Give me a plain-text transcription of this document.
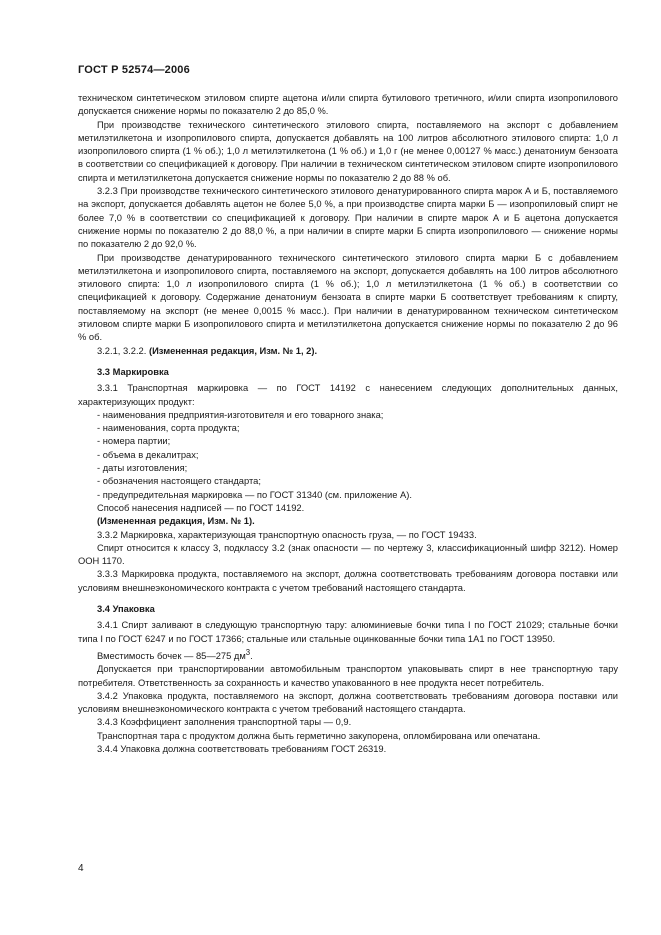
ГОСТ Р 52574—2006

техническом синтетическом этиловом спирте ацетона и/или спирта бутилового третичного, и/или спирта изопропилового допускается снижение нормы по показателю 2 до 85,0 %.

При производстве технического синтетического этилового спирта, поставляемого на экспорт с добавлением метилэтилкетона и изопропилового спирта, допускается добавлять на 100 литров абсолютного этилового спирта: 1,0 л изопропилового спирта (1 % об.); 1,0 л метилэтилкетона (1 % об.) и 1,0 г (не менее 0,00127 % масс.) денатониум бензоата в соответствии со спецификацией к договору. При наличии в техническом синтетическом этиловом спирте изопропилового спирта и метилэтилкетона допускается снижение нормы по показателю 2 до 88 % об.

3.2.3 При производстве технического синтетического этилового денатурированного спирта марок А и Б, поставляемого на экспорт, допускается добавлять ацетон не более 5,0 %, а при производстве спирта марки Б — изопропиловый спирт не более 7,0 % в соответствии со спецификацией к договору. При наличии в спирте марок А и Б ацетона допускается снижение нормы по показателю 2 до 88,0 %, а при наличии в спирте марки Б спирта изопропилового — снижение нормы по показателю 2 до 92,0 %.

При производстве денатурированного технического синтетического этилового спирта марки Б с добавлением метилэтилкетона и изопропилового спирта, поставляемого на экспорт, допускается добавлять на 100 литров абсолютного этилового спирта: 1,0 л изопропилового спирта (1 % об.); 1,0 л метилэтилкетона (1 % об.) в соответствии со спецификацией к договору. Содержание денатониум бензоата в спирте марки Б соответствует требованиям к спирту, поставляемому на экспорт (не менее 0,0015 % масс.). При наличии в денатурированном техническом синтетическом этиловом спирте марки Б изопропилового спирта и метилэтилкетона допускается снижение нормы по показателю 2 до 96 % об.

3.2.1, 3.2.2. (Измененная редакция, Изм. № 1, 2).

3.3 Маркировка

3.3.1 Транспортная маркировка — по ГОСТ 14192 с нанесением следующих дополнительных данных, характеризующих продукт:

- наименования предприятия-изготовителя и его товарного знака;
- наименования, сорта продукта;
- номера партии;
- объема в декалитрах;
- даты изготовления;
- обозначения настоящего стандарта;
- предупредительная маркировка — по ГОСТ 31340 (см. приложение А).

Способ нанесения надписей — по ГОСТ 14192.

(Измененная редакция, Изм. № 1).

3.3.2 Маркировка, характеризующая транспортную опасность груза, — по ГОСТ 19433.

Спирт относится к классу 3, подклассу 3.2 (знак опасности — по чертежу 3, классификационный шифр 3212). Номер ООН 1170.

3.3.3 Маркировка продукта, поставляемого на экспорт, должна соответствовать требованиям договора поставки или условиям внешнеэкономического контракта с учетом требований настоящего стандарта.

3.4 Упаковка

3.4.1 Спирт заливают в следующую транспортную тару: алюминиевые бочки типа I по ГОСТ 21029; стальные бочки типа I по ГОСТ 6247 и по ГОСТ 17366; стальные или стальные оцинкованные бочки типа 1А1 по ГОСТ 13950.

Вместимость бочек — 85—275 $дм^3$.

Допускается при транспортировании автомобильным транспортом упаковывать спирт в нее транспортную тару потребителя. Ответственность за сохранность и качество упакованного в нее продукта несет потребитель.

3.4.2 Упаковка продукта, поставляемого на экспорт, должна соответствовать требованиям договора поставки или условиям внешнеэкономического контракта с учетом требований настоящего стандарта.

3.4.3 Коэффициент заполнения транспортной тары — 0,9.

Транспортная тара с продуктом должна быть герметично закупорена, опломбирована или опечатана.

3.4.4 Упаковка должна соответствовать требованиям ГОСТ 26319.

4
